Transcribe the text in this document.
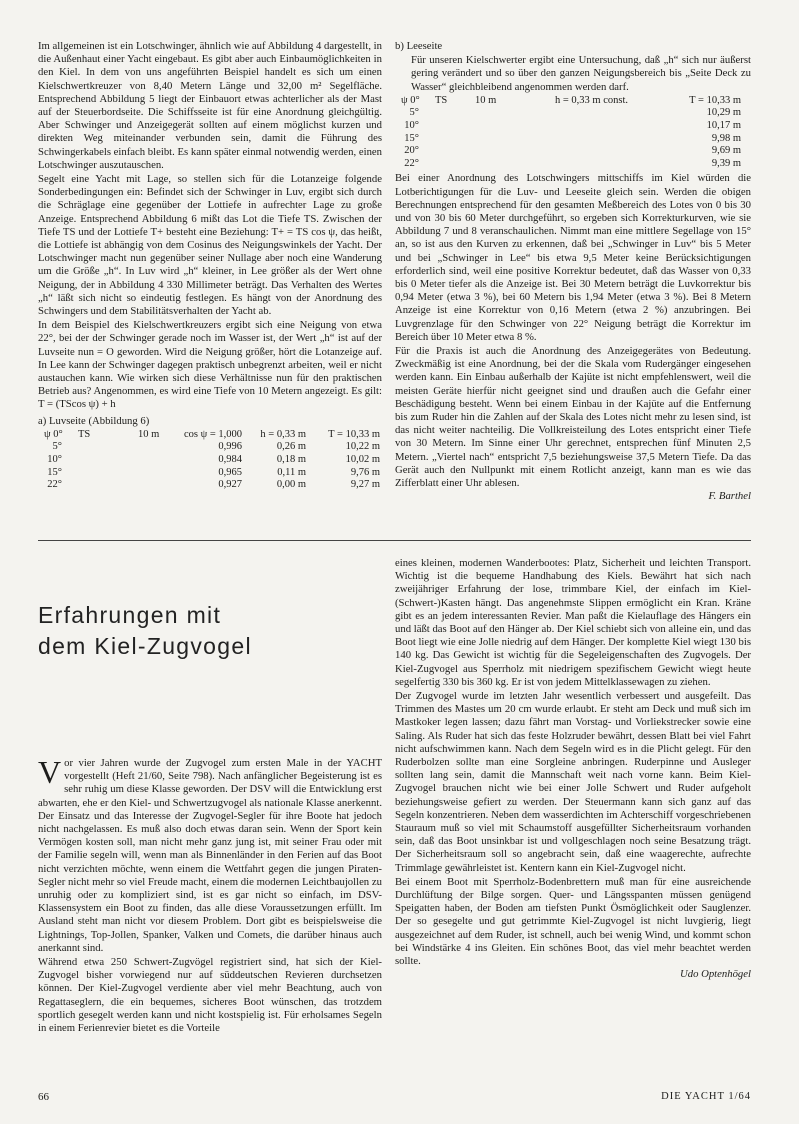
Im allgemeinen ist ein Lotschwinger, ähnlich wie auf Abbildung 4 dargestellt, in die Außenhaut einer Yacht eingebaut. Es gibt aber auch Einbaumöglichkeiten in den Kiel. In dem von uns angeführten Beispiel handelt es sich um einen Kielschwertkreuzer von 8,40 Metern Länge und 32,00 m² Segelfläche. Entsprechend Abbildung 5 liegt der Einbauort etwas achterlicher als der Mast auf der Steuerbordseite. Die Schiffsseite ist für eine Anordnung gleichgültig. Aber Schwinger und Anzeigegerät sollten auf einem möglichst kurzen und direkten Weg miteinander verbunden sein, damit die Führung des Schwingerkabels einfach bleibt. Es kann später einmal notwendig werden, einen Lotschwinger auszutauschen.

Segelt eine Yacht mit Lage, so stellen sich für die Lotanzeige folgende Sonderbedingungen ein: Befindet sich der Schwinger in Luv, ergibt sich durch die Schräglage eine gegenüber der Lottiefe in aufrechter Lage zu große Anzeige. Entsprechend Abbildung 6 mißt das Lot die Tiefe TS. Zwischen der Tiefe TS und der Lottiefe T+ besteht eine Beziehung: T+ = TS cos ψ, das heißt, die Lottiefe ist abhängig von dem Cosinus des Neigungswinkels der Yacht. Der Lotschwinger macht nun gegenüber seiner Nullage aber noch eine Wanderung um die Größe „h“. In Luv wird „h“ kleiner, in Lee größer als der Wert ohne Neigung, der in Abbildung 4 330 Millimeter beträgt. Das Verhalten des Wertes „h“ läßt sich nicht so eindeutig festlegen. Es hängt von der Anordnung des Schwingers und dem Stabilitätsverhalten der Yacht ab.

In dem Beispiel des Kielschwertkreuzers ergibt sich eine Neigung von etwa 22°, bei der der Schwinger gerade noch im Wasser ist, der Wert „h“ ist auf der Luvseite nun = O geworden. Wird die Neigung größer, hört die Lotanzeige auf. In Lee kann der Schwinger dagegen praktisch unbegrenzt arbeiten, weil er nicht austauchen kann. Wie wirken sich diese Verhältnisse nun für den praktischen Betrieb aus? Angenommen, es wird eine Tiefe von 10 Metern angezeigt. Es gilt: T = (TScos ψ) + h

a) Luvseite (Abbildung 6)

ψ 0°	TS	10 m	cos ψ = 1,000	h = 0,33 m	T = 10,33 m
5°			0,996	0,26 m	10,22 m
10°			0,984	0,18 m	10,02 m
15°			0,965	0,11 m	9,76 m
22°			0,927	0,00 m	9,27 m

b) Leeseite

Für unseren Kielschwerter ergibt eine Untersuchung, daß „h“ sich nur äußerst gering verändert und so über den ganzen Neigungsbereich bis „Seite Deck zu Wasser“ gleichbleibend angenommen werden darf.

ψ 0°	TS	10 m	h = 0,33 m const.	T = 10,33 m
5°				10,29 m
10°				10,17 m
15°				9,98 m
20°				9,69 m
22°				9,39 m

Bei einer Anordnung des Lotschwingers mittschiffs im Kiel würden die Lotberichtigungen für die Luv- und Leeseite gleich sein. Werden die obigen Berechnungen entsprechend für den gesamten Meßbereich des Lotes von 0 bis 30 und von 30 bis 60 Meter durchgeführt, so ergeben sich Korrekturkurven, wie sie Abbildung 7 und 8 veranschaulichen. Nimmt man eine mittlere Segellage von 15° an, so ist aus den Kurven zu erkennen, daß bei „Schwinger in Luv“ bis 5 Meter und bei „Schwinger in Lee“ bis etwa 9,5 Meter keine Berücksichtigungen erforderlich sind, weil eine positive Korrektur bedeutet, daß das Wasser von 0,33 bis 0 Meter tiefer als die Anzeige ist. Bei 30 Metern beträgt die Luvkorrektur bis 0,94 Meter (etwa 3 %), bei 60 Metern bis 1,94 Meter (etwa 3 %). Bei 8 Metern Anzeige ist eine Korrektur von 0,16 Metern (etwa 2 %) anzubringen. Bei Luvgrenzlage für den Schwinger von 22° Neigung beträgt die Korrektur im Bereich über 10 Meter etwa 8 %.

Für die Praxis ist auch die Anordnung des Anzeigegerätes von Bedeutung. Zweckmäßig ist eine Anordnung, bei der die Skala vom Rudergänger eingesehen werden kann. Ein Einbau außerhalb der Kajüte ist nicht empfehlenswert, weil die meisten Geräte hierfür nicht geeignet sind und draußen auch die Gefahr einer Beschädigung besteht. Wenn bei einem Einbau in der Kajüte auf die Entfernung bis zum Ruder hin die Zahlen auf der Skala des Lotes nicht mehr zu lesen sind, ist das nicht weiter nachteilig. Die Vollkreisteilung des Lotes entspricht einer Tiefe von 30 Metern. Im Sinne einer Uhr gerechnet, entsprechen fünf Minuten 2,5 Metern. „Viertel nach“ entspricht 7,5 beziehungsweise 37,5 Metern Tiefe. Da das Gerät auch den Nullpunkt mit einem Rotlicht anzeigt, kann man es wie das Zifferblatt einer Uhr ablesen.

F. Barthel

Erfahrungen mit
dem Kiel-Zugvogel

Vor vier Jahren wurde der Zugvogel zum ersten Male in der YACHT vorgestellt (Heft 21/60, Seite 798). Nach anfänglicher Begeisterung ist es sehr ruhig um diese Klasse geworden. Der DSV will die Entwicklung erst abwarten, ehe er den Kiel- und Schwertzugvogel als nationale Klasse anerkennt. Der Einsatz und das Interesse der Zugvogel-Segler für ihre Boote hat jedoch nicht nachgelassen. Es muß also doch etwas daran sein. Wenn der Sport kein Vermögen kosten soll, man nicht mehr ganz jung ist, mit seiner Frau oder mit der Familie segeln will, wenn man als Binnenländer in den Ferien auf das Boot nicht verzichten möchte, wenn einem die Wettfahrt gegen die jungen Piraten-Segler nicht mehr so viel Freude macht, einem die modernen Leichtbaujollen zu unruhig oder zu kompliziert sind, ist es gar nicht so einfach, im DSV-Klassensystem ein Boot zu finden, das alle diese Voraussetzungen erfüllt. Im Ausland steht man nicht vor diesem Problem. Dort gibt es beispielsweise die Lightnings, Top-Jollen, Spanker, Valken und Comets, die darüber hinaus auch anerkannt sind.

Während etwa 250 Schwert-Zugvögel registriert sind, hat sich der Kiel-Zugvogel bisher vorwiegend nur auf süddeutschen Revieren durchsetzen können. Der Kiel-Zugvogel verdiente aber viel mehr Beachtung, auch von Regattaseglern, die ein bequemes, sicheres Boot wünschen, das trotzdem sportlich gesegelt werden kann und nicht kostspielig ist. Für erholsames Segeln in einem Ferienrevier bietet es die Vorteile

eines kleinen, modernen Wanderbootes: Platz, Sicherheit und leichten Transport. Wichtig ist die bequeme Handhabung des Kiels. Bewährt hat sich nach zweijähriger Erfahrung der lose, trimmbare Kiel, der einfach im Kiel-(Schwert-)Kasten hängt. Das angenehmste Slippen ermöglicht ein Kran. Kräne gibt es an jedem interessanten Revier. Man paßt die Kielauflage des Hängers ein und läßt das Boot auf den Hänger ab. Der Kiel schiebt sich von alleine ein, und das Boot liegt wie eine Jolle niedrig auf dem Hänger. Der komplette Kiel wiegt 130 bis 140 kg. Das Gewicht ist wichtig für die Segeleigenschaften des Zugvogels. Der Kiel-Zugvogel aus Sperrholz mit niedrigem spezifischem Gewicht wiegt heute segelfertig 330 bis 360 kg. Er ist von jedem Mittelklassewagen zu ziehen.

Der Zugvogel wurde im letzten Jahr wesentlich verbessert und ausgefeilt. Das Trimmen des Mastes um 20 cm wurde erlaubt. Er steht am Deck und muß sich im Mastkoker legen lassen; dazu fährt man Vorstag- und Vorliekstrecker sowie eine Saling. Als Ruder hat sich das feste Holzruder bewährt, dessen Blatt bei viel Fahrt nicht aufschwimmen kann. Nach dem Segeln wird es in die Plicht gelegt. Für den Ruderbolzen sollte man eine Sorgleine anbringen. Ruderpinne und Ausleger sollten lang sein, damit die Mannschaft weit nach vorne kann. Beim Kiel-Zugvogel brauchen nicht wie bei einer Jolle Schwert und Ruder aufgeholt beziehungsweise gefiert zu werden. Der Steuermann kann sich ganz auf das Segeln konzentrieren. Neben dem wasserdichten im Achterschiff vorgeschriebenen Stauraum muß so viel mit Schaumstoff ausgefüllter Sicherheitsraum vorhanden sein, daß das Boot unsinkbar ist und vollgeschlagen noch seine Besatzung trägt. Der Sicherheitsraum soll so angebracht sein, daß eine waagerechte, aufrechte Trimmlage gewährleistet ist. Kentern kann ein Kiel-Zugvogel nicht.

Bei einem Boot mit Sperrholz-Bodenbrettern muß man für eine ausreichende Durchlüftung der Bilge sorgen. Quer- und Längsspanten müssen genügend Speigatten haben, der Boden am tiefsten Punkt Ösmöglichkeit oder Sauglenzer. Der so gesegelte und gut getrimmte Kiel-Zugvogel ist nicht luvgierig, liegt ausgezeichnet auf dem Ruder, ist schnell, auch bei wenig Wind, und kommt schon bei Windstärke 4 ins Gleiten. Ein schönes Boot, das viel mehr beachtet werden sollte.

Udo Optenhögel

66	DIE YACHT 1/64
